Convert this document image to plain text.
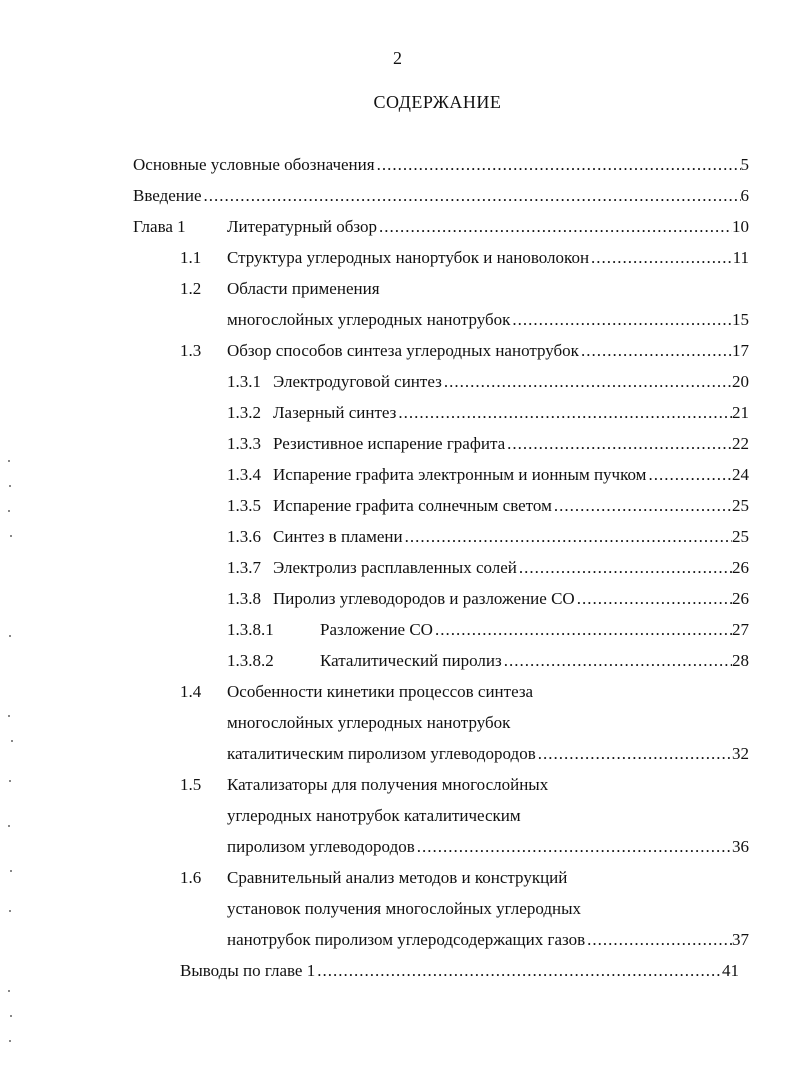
2
СОДЕРЖАНИЕ
Основные условные обозначения .....	5
Введение .....	6
Глава 1 Литературный обзор .....	10
1.1 Структура углеродных нанортубок и нановолокон .....	11
1.2 Области применения
многослойных углеродных нанотрубок .....	15
1.3 Обзор способов синтеза углеродных нанотрубок .....	17
1.3.1 Электродуговой синтез .....	20
1.3.2 Лазерный синтез .....	21
1.3.3 Резистивное испарение графита .....	22
1.3.4 Испарение графита электронным и ионным пучком .....	24
1.3.5 Испарение графита солнечным светом .....	25
1.3.6 Синтез в пламени .....	25
1.3.7 Электролиз расплавленных солей .....	26
1.3.8 Пиролиз углеводородов и разложение СО .....	26
1.3.8.1	Разложение СО .....	27
1.3.8.2	Каталитический пиролиз .....	28
1.4 Особенности кинетики процессов синтеза
многослойных углеродных нанотрубок
каталитическим пиролизом углеводородов .....	32
1.5 Катализаторы для получения многослойных
углеродных нанотрубок каталитическим
пиролизом углеводородов .....	36
1.6 Сравнительный анализ методов и конструкций
установок получения многослойных углеродных
нанотрубок пиролизом углеродсодержащих газов .....	37
Выводы по главе 1 .....	41
